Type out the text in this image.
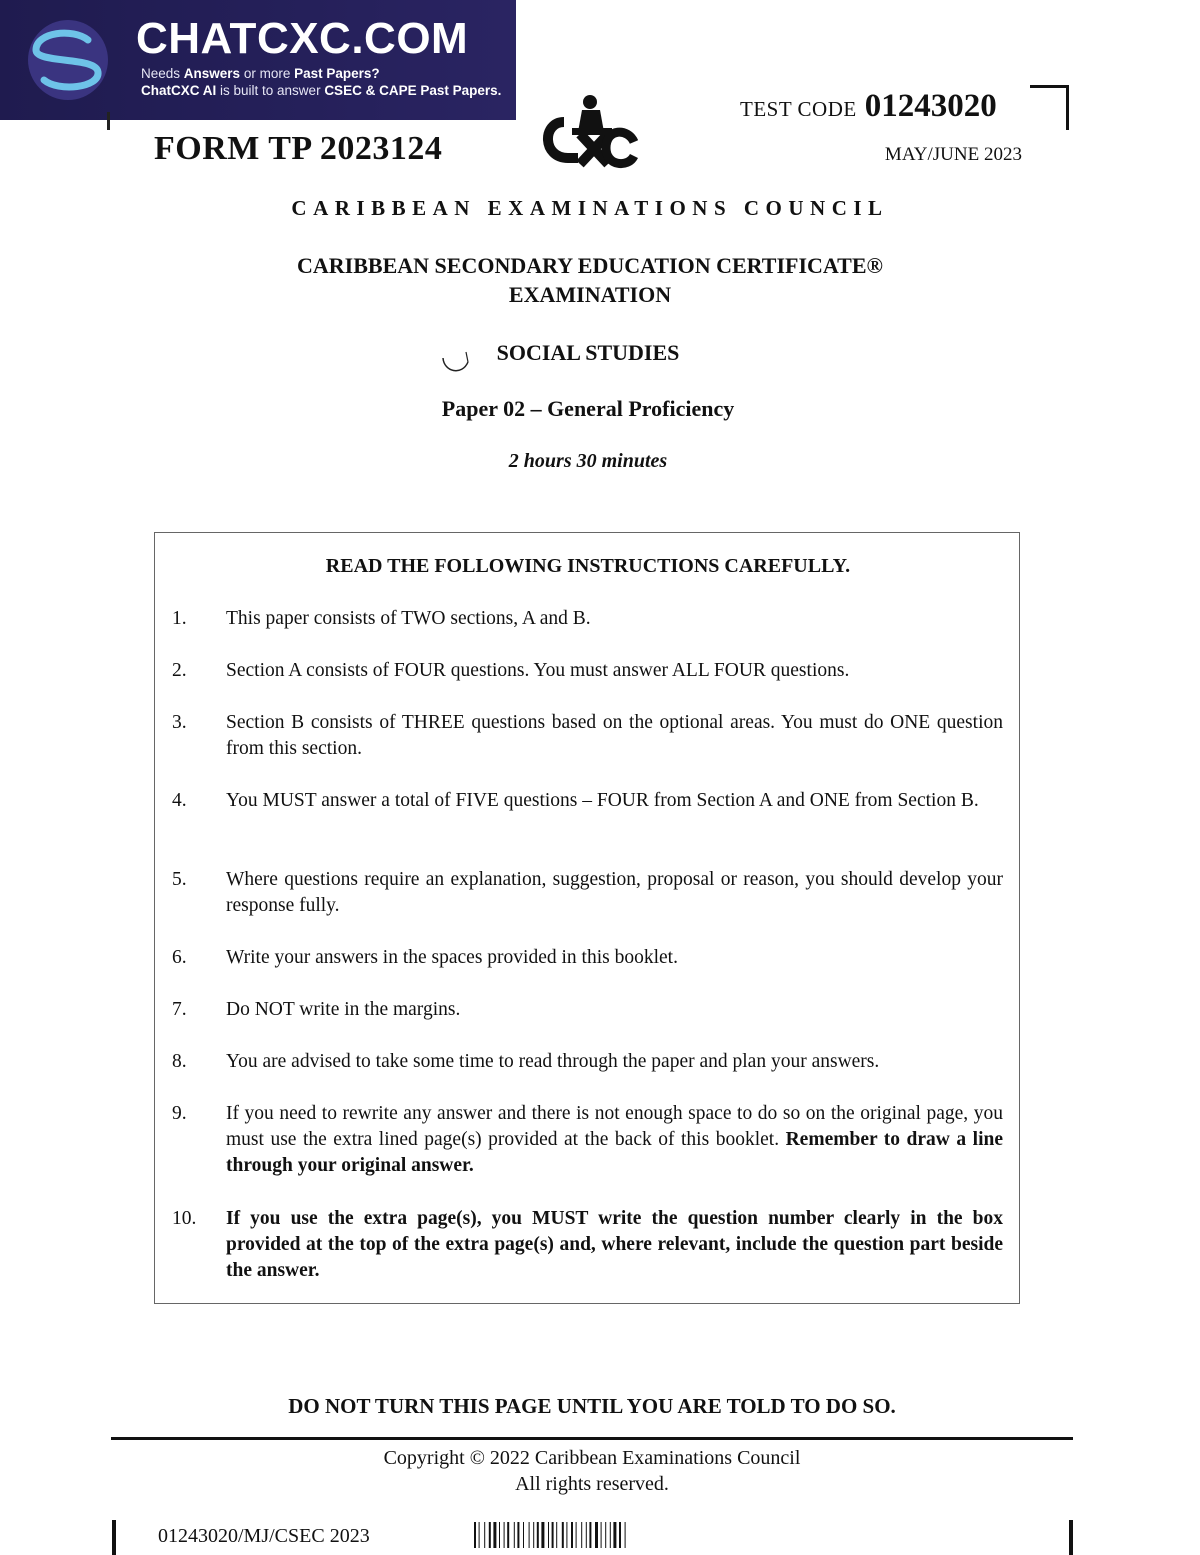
CHATCXC.COM
Needs Answers or more Past Papers?
ChatCXC AI is built to answer CSEC & CAPE Past Papers.
FORM TP 2023124
TEST CODE 01243020
MAY/JUNE 2023
CARIBBEAN EXAMINATIONS COUNCIL
CARIBBEAN SECONDARY EDUCATION CERTIFICATE®
EXAMINATION
SOCIAL STUDIES
Paper 02 – General Proficiency
2 hours 30 minutes
READ THE FOLLOWING INSTRUCTIONS CAREFULLY.
1. This paper consists of TWO sections, A and B.
2. Section A consists of FOUR questions. You must answer ALL FOUR questions.
3. Section B consists of THREE questions based on the optional areas. You must do ONE question from this section.
4. You MUST answer a total of FIVE questions – FOUR from Section A and ONE from Section B.
5. Where questions require an explanation, suggestion, proposal or reason, you should develop your response fully.
6. Write your answers in the spaces provided in this booklet.
7. Do NOT write in the margins.
8. You are advised to take some time to read through the paper and plan your answers.
9. If you need to rewrite any answer and there is not enough space to do so on the original page, you must use the extra lined page(s) provided at the back of this booklet. Remember to draw a line through your original answer.
10. If you use the extra page(s), you MUST write the question number clearly in the box provided at the top of the extra page(s) and, where relevant, include the question part beside the answer.
DO NOT TURN THIS PAGE UNTIL YOU ARE TOLD TO DO SO.
Copyright © 2022 Caribbean Examinations Council
All rights reserved.
01243020/MJ/CSEC 2023
